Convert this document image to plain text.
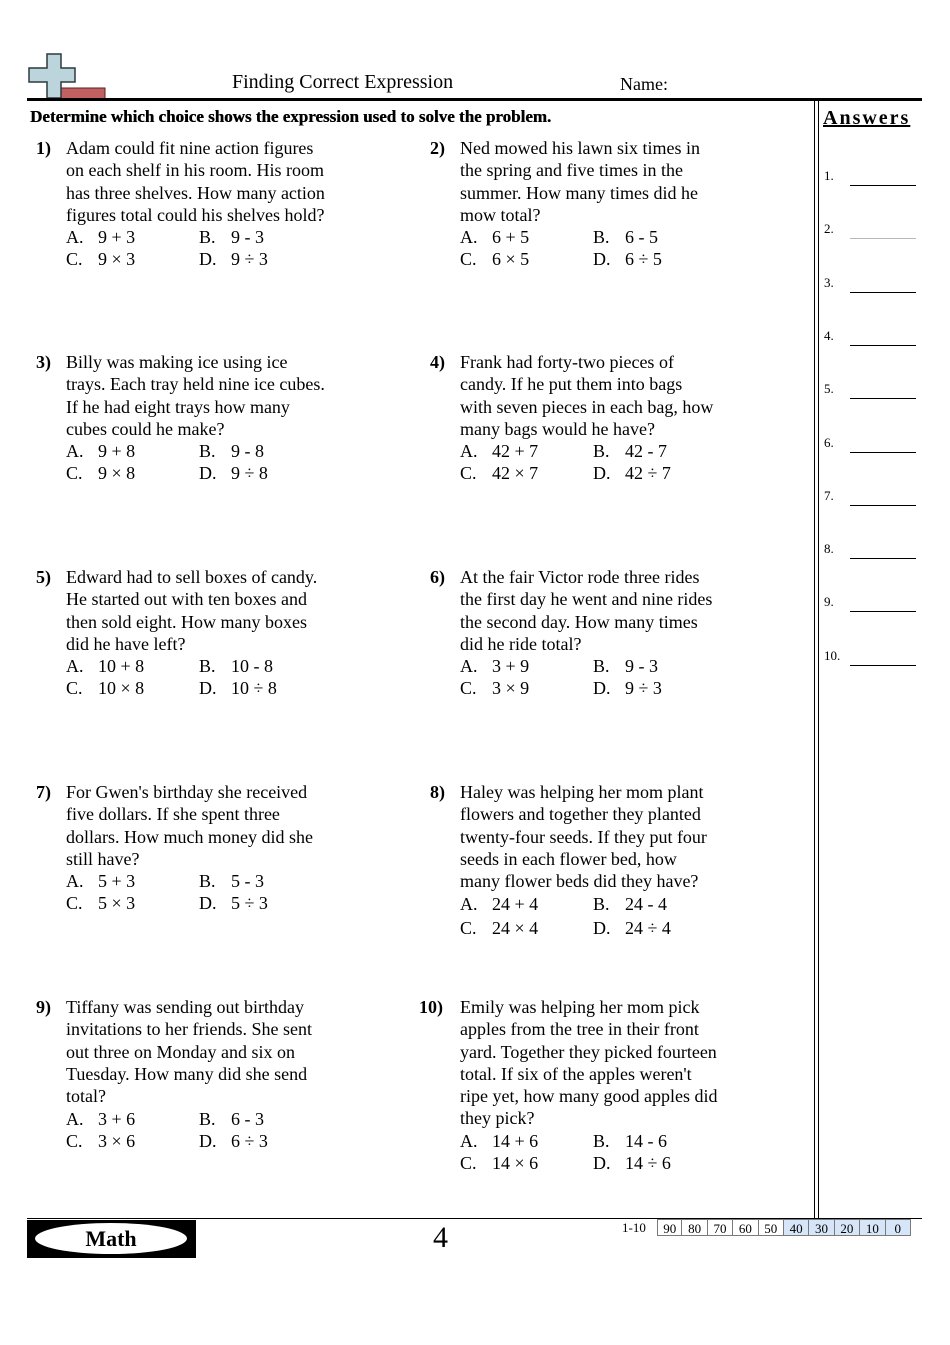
Finding Correct Expression	Name:
Determine which choice shows the expression used to solve the problem.	Answers
1.
2.
3.
4.
5.
6.
7.
8.
9.
10.
1) Adam could fit nine action figures
on each shelf in his room. His room
has three shelves. How many action
figures total could his shelves hold?
A. 9 + 3	B. 9 - 3
C. 9 × 3	D. 9 ÷ 3
2) Ned mowed his lawn six times in
the spring and five times in the
summer. How many times did he
mow total?
A. 6 + 5	B. 6 - 5
C. 6 × 5	D. 6 ÷ 5
3) Billy was making ice using ice
trays. Each tray held nine ice cubes.
If he had eight trays how many
cubes could he make?
A. 9 + 8	B. 9 - 8
C. 9 × 8	D. 9 ÷ 8
4) Frank had forty-two pieces of
candy. If he put them into bags
with seven pieces in each bag, how
many bags would he have?
A. 42 + 7	B. 42 - 7
C. 42 × 7	D. 42 ÷ 7
5) Edward had to sell boxes of candy.
He started out with ten boxes and
then sold eight. How many boxes
did he have left?
A. 10 + 8	B. 10 - 8
C. 10 × 8	D. 10 ÷ 8
6) At the fair Victor rode three rides
the first day he went and nine rides
the second day. How many times
did he ride total?
A. 3 + 9	B. 9 - 3
C. 3 × 9	D. 9 ÷ 3
7) For Gwen's birthday she received
five dollars. If she spent three
dollars. How much money did she
still have?
A. 5 + 3	B. 5 - 3
C. 5 × 3	D. 5 ÷ 3
8) Haley was helping her mom plant
flowers and together they planted
twenty-four seeds. If they put four
seeds in each flower bed, how
many flower beds did they have?
A. 24 + 4	B. 24 - 4
C. 24 × 4	D. 24 ÷ 4
9) Tiffany was sending out birthday
invitations to her friends. She sent
out three on Monday and six on
Tuesday. How many did she send
total?
A. 3 + 6	B. 6 - 3
C. 3 × 6	D. 6 ÷ 3
10) Emily was helping her mom pick
apples from the tree in their front
yard. Together they picked fourteen
total. If six of the apples weren't
ripe yet, how many good apples did
they pick?
A. 14 + 6	B. 14 - 6
C. 14 × 6	D. 14 ÷ 6
Math	4	1-10	90 80 70 60 50 40 30 20 10	0
